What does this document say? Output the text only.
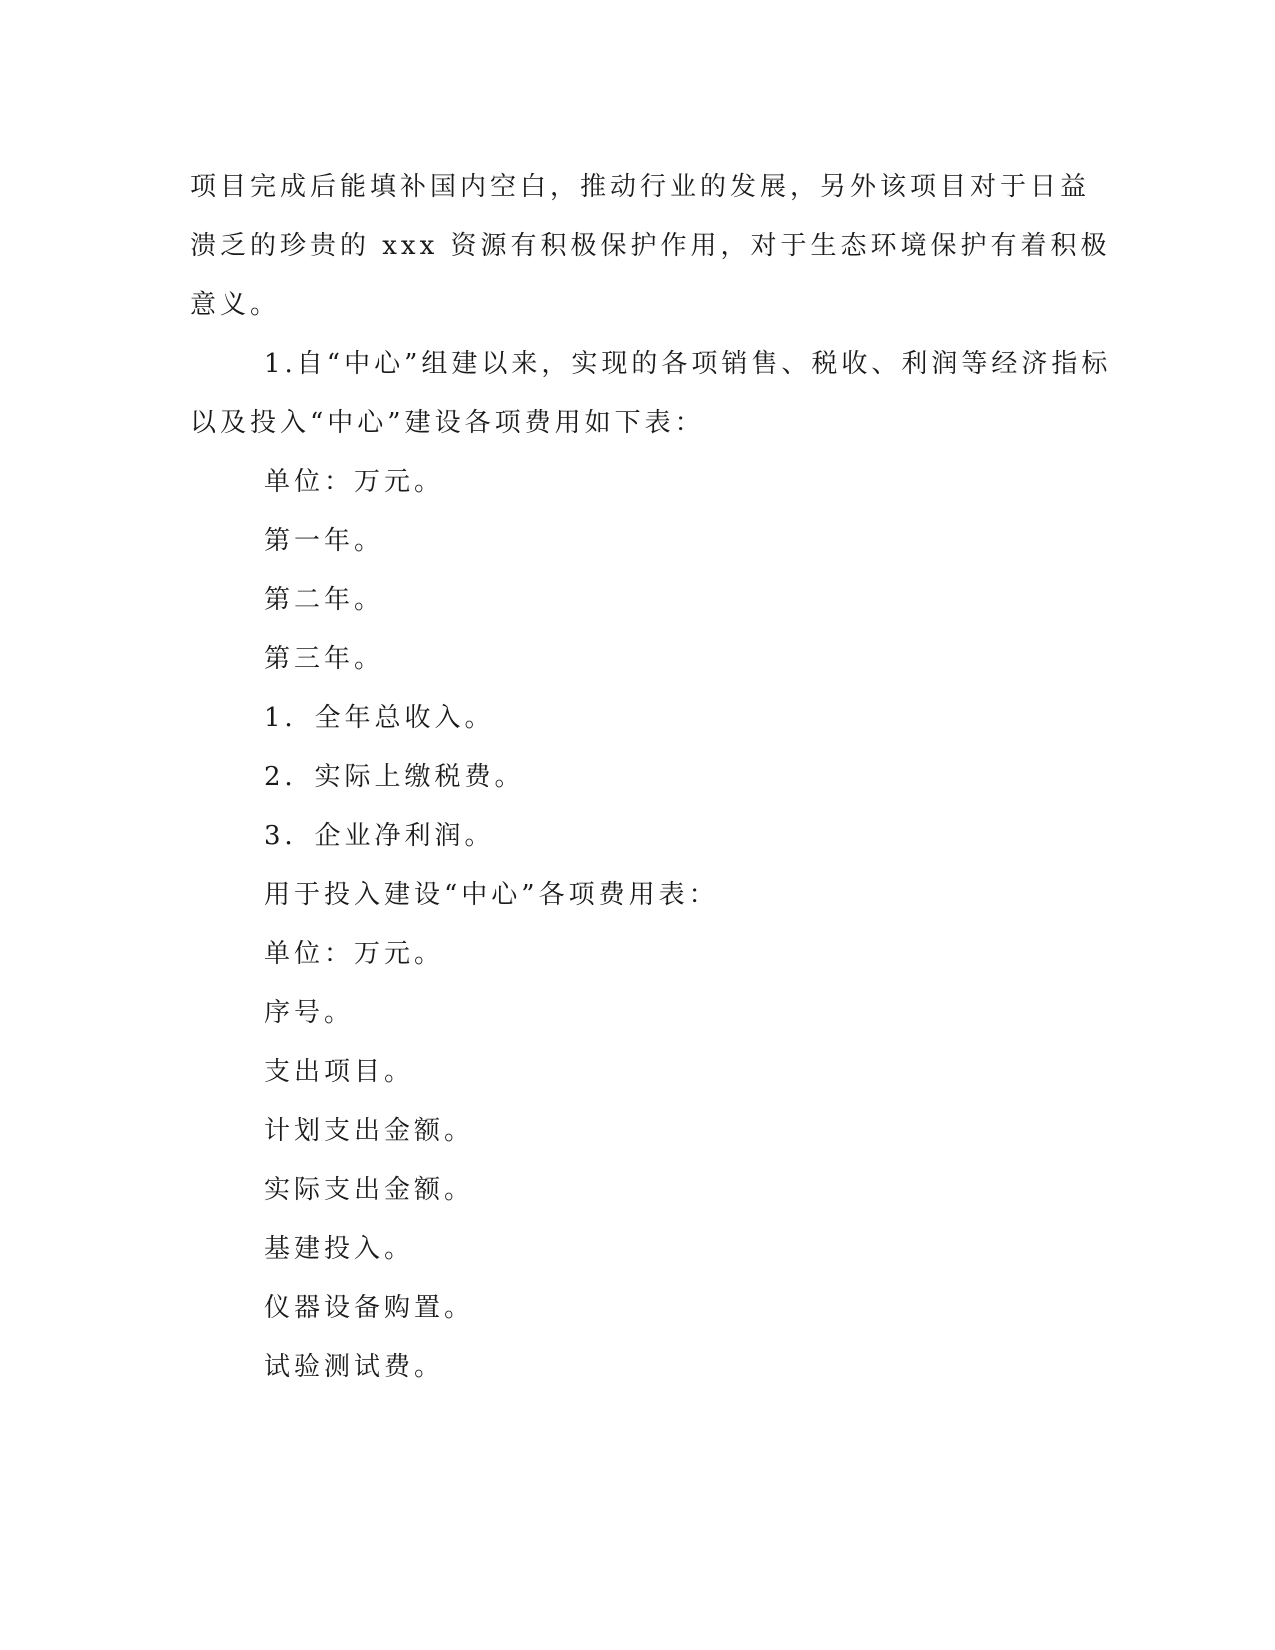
项目完成后能填补国内空白，推动行业的发展，另外该项目对于日益

溃乏的珍贵的 xxx 资源有积极保护作用，对于生态环境保护有着积极

意义。

1.自“中心”组建以来，实现的各项销售、税收、利润等经济指标

以及投入“中心”建设各项费用如下表：

单位：万元。

第一年。

第二年。

第三年。

1．全年总收入。

2．实际上缴税费。

3．企业净利润。

用于投入建设“中心”各项费用表：

单位：万元。

序号。

支出项目。

计划支出金额。

实际支出金额。

基建投入。

仪器设备购置。

试验测试费。
